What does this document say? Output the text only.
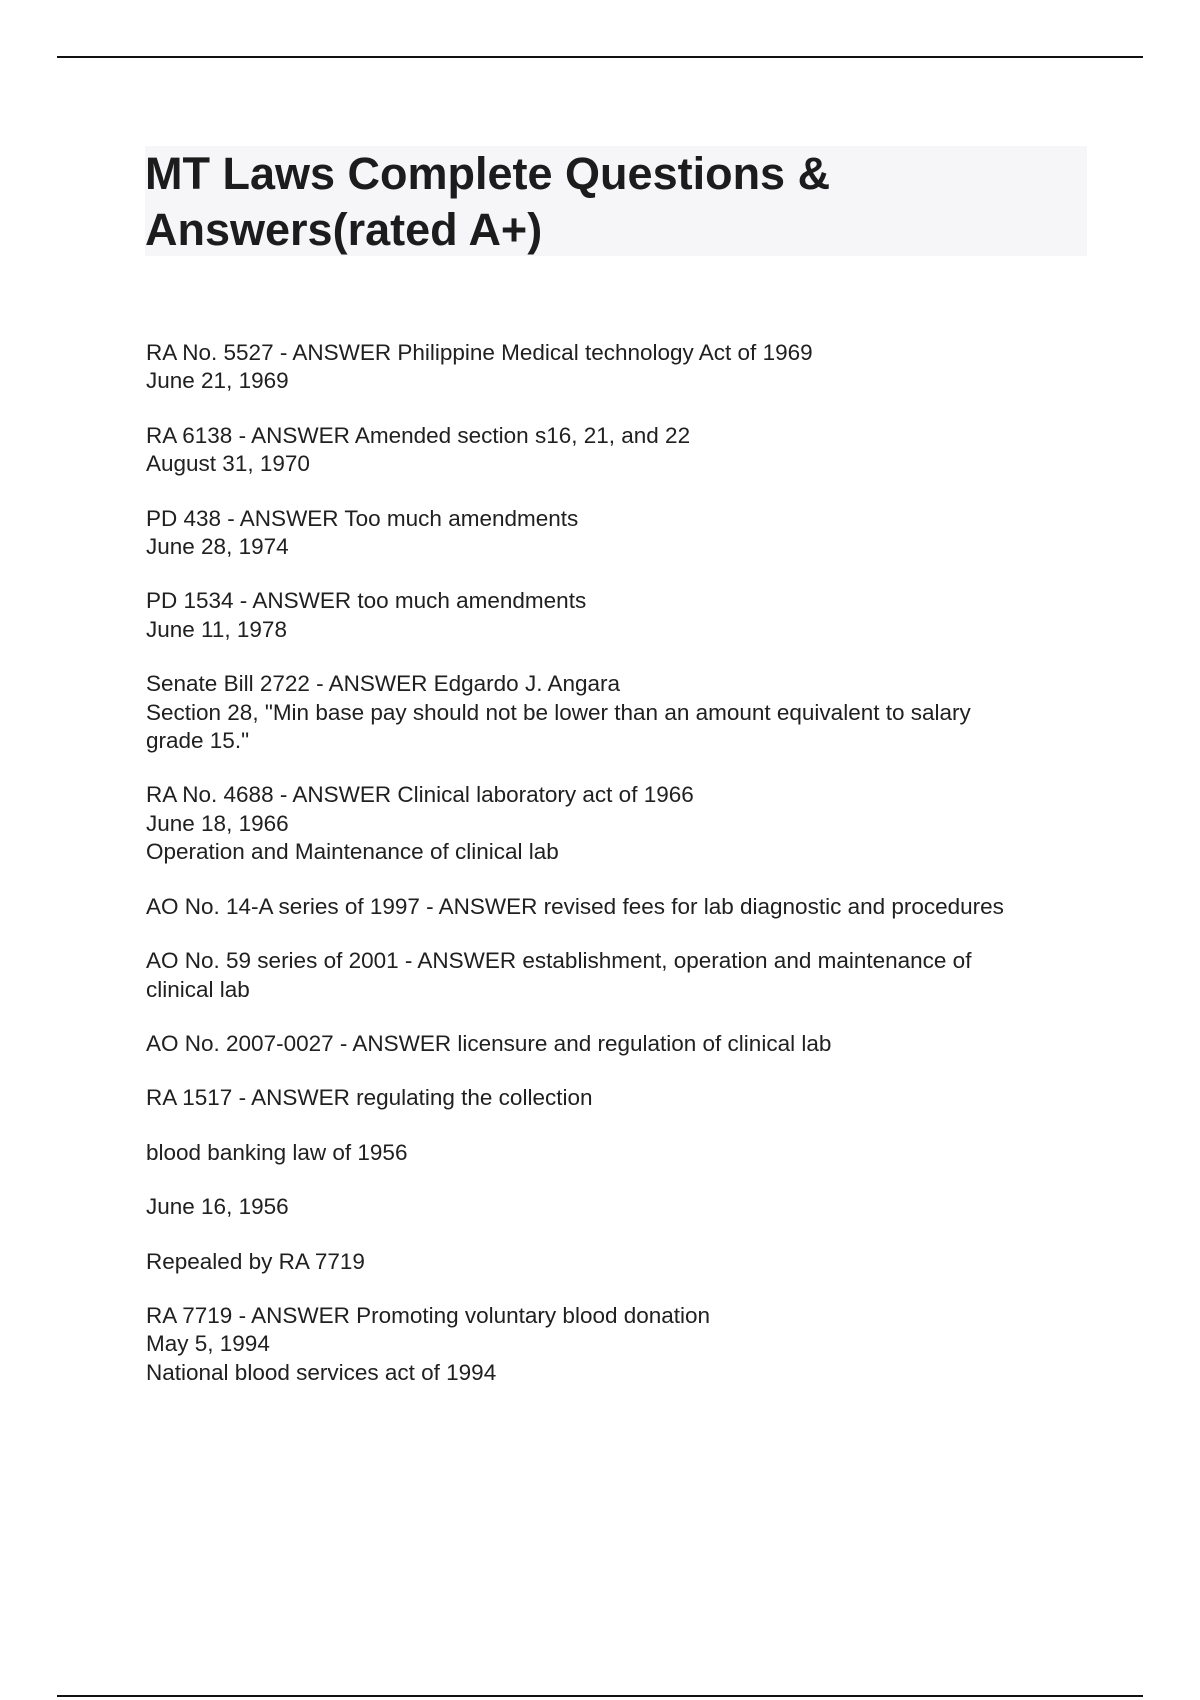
MT Laws Complete Questions &
Answers(rated A+)
RA No. 5527 - ANSWER Philippine Medical technology Act of 1969
June 21, 1969
RA 6138 - ANSWER Amended section s16, 21, and 22
August 31, 1970
PD 438 - ANSWER Too much amendments
June 28, 1974
PD 1534 - ANSWER too much amendments
June 11, 1978
Senate Bill 2722 - ANSWER Edgardo J. Angara
Section 28, "Min base pay should not be lower than an amount equivalent to salary
grade 15."
RA No. 4688 - ANSWER Clinical laboratory act of 1966
June 18, 1966
Operation and Maintenance of clinical lab
AO No. 14-A series of 1997 - ANSWER revised fees for lab diagnostic and procedures
AO No. 59 series of 2001 - ANSWER establishment, operation and maintenance of
clinical lab
AO No. 2007-0027 - ANSWER licensure and regulation of clinical lab
RA 1517 - ANSWER regulating the collection
blood banking law of 1956
June 16, 1956
Repealed by RA 7719
RA 7719 - ANSWER Promoting voluntary blood donation
May 5, 1994
National blood services act of 1994
